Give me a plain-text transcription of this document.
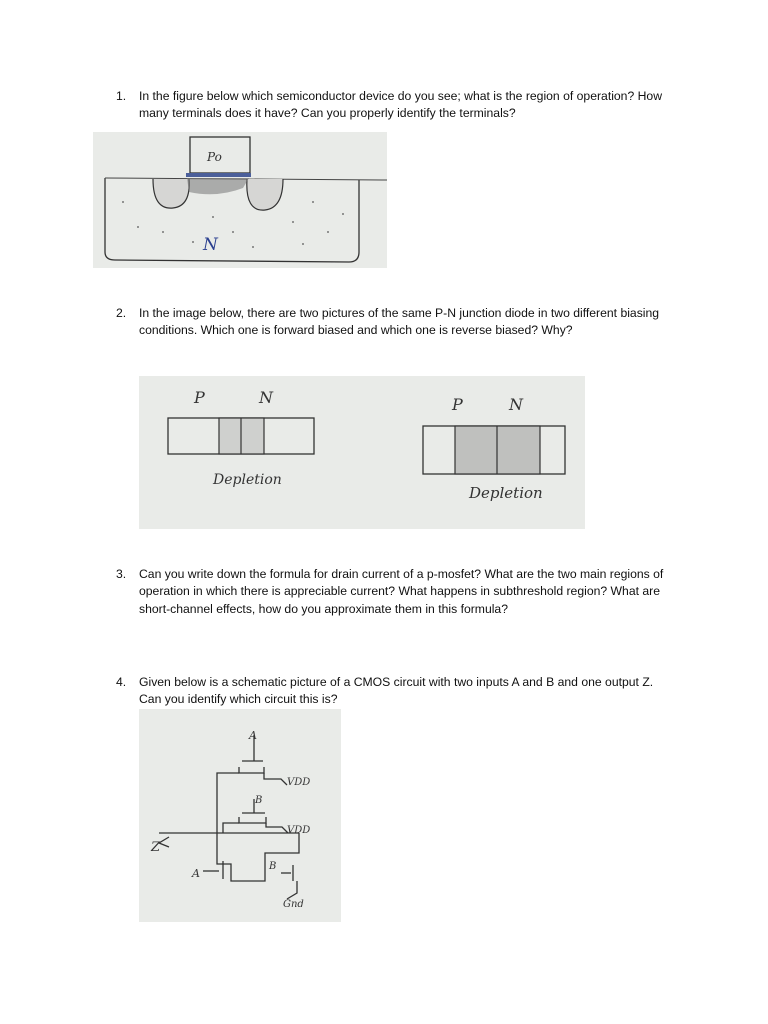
1. In the figure below which semiconductor device do you see; what is the region of operation? How many terminals does it have? Can you properly identify the terminals?
Po
N
2. In the image below, there are two pictures of the same P-N junction diode in two different biasing conditions. Which one is forward biased and which one is reverse biased? Why?
P	N
Depletion
P	N
Depletion
3. Can you write down the formula for drain current of a p-mosfet? What are the two main regions of operation in which there is appreciable current? What happens in subthreshold region? What are short-channel effects, how do you approximate them in this formula?
4. Given below is a schematic picture of a CMOS circuit with two inputs A and B and one output Z. Can you identify which circuit this is?
A
B
VDD
VDD
Z
A
B
Gnd
